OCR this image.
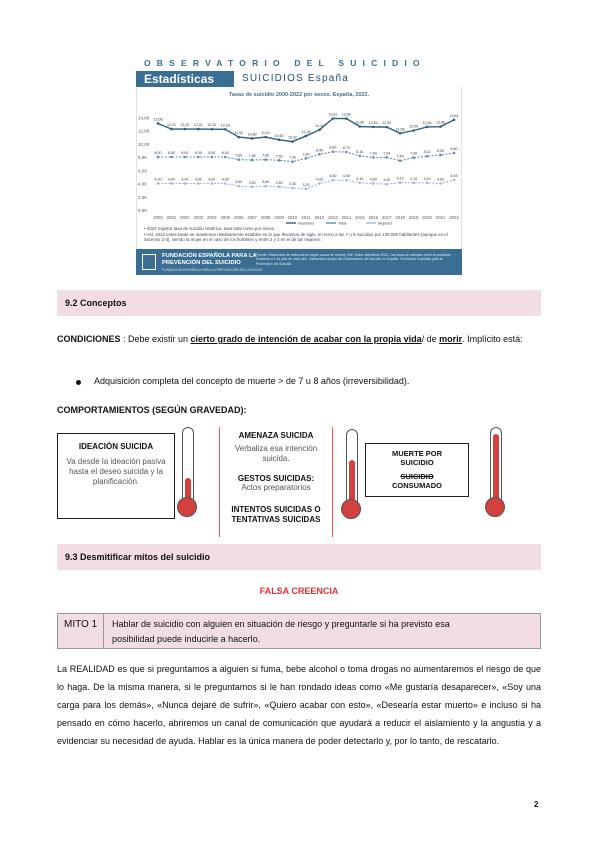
OBSERVATORIO DEL SUICIDIO
Estadísticas 2022
SUICIDIOS España
Tasas de suicidio 2000-2022 por sexos. España, 2022.
0,00
2,00
4,00
6,00
8,00
10,00
12,00
14,00
2000 2001 2002 2003 2004 2005 2006 2007 2008 2009 2010 2011 2012 2013 2014 2015 2016 2017 2018 2019 2020 2021 2022
13,06
12,21 12,22 12,21 12,20 12,18
11,00 10,80 11,01
10,60 10,32
11,18
12,10
13,81 13,80
12,60 12,54 12,52
11,58
12,00
12,54 12,58
13,61
8,00 8,00 8,00 8,00 8,00 8,00
7,60 7,55 7,60 7,50 7,30
7,80
8,40
8,80 8,75
8,16 7,94 7,94
7,44
7,90 8,12 8,30 8,60
4,00 4,00 4,00 4,00 4,00 4,00
3,60 3,50 3,60 3,50 3,30 3,20
4,00
4,50 4,50
4,10 4,00 3,90 4,13 4,10 4,10 4,00
4,53
Hombres	Total	Mujeres
• 2022 registra tasa de suicidio histórica, tasa total como por sexos.
• Así, 2022 estas tasas se mantienen relativamente estables en lo que llevamos de siglo, en torno a las 7 u 8 suicidios por 100.000 habitantes (aunque en el ascenso 2-3), siendo la mujer en el caso de los hombres y entre 2 y 3 en el de las mujeres.
FUNDACIÓN ESPAÑOLA PARA LA
PREVENCIÓN DEL SUICIDIO
FUNDACIÓN ESPAÑOLA PARA LA PREVENCIÓN DEL SUICIDIO
Fuente: Estadística de defunciones según causa de muerte, INE. Datos definitivos 2022. Las tasas se calculan sobre la población residente a 1 de julio de cada año. Elaboración propia del Observatorio del Suicidio en España. Fundación Española para la Prevención del Suicidio.
9.2 Conceptos
CONDICIONES : Debe existir un cierto grado de intención de acabar con la propia vida/ de morir. Implícito está:
Adquisición completa del concepto de muerte > de 7 u 8 años (irreversibilidad).
COMPORTAMIENTOS (SEGÚN GRAVEDAD):
IDEACIÓN SUICIDA
Va desde la ideación pasiva hasta el deseo suicida y la planificación.
AMENAZA SUICIDA
Verbaliza esa intención suicida.
GESTOS SUICIDAS:
Actos preparatorios
INTENTOS SUICIDAS O TENTATIVAS SUICIDAS
MUERTE POR SUICIDIO
SUICIDIO
CONSUMADO
9.3 Desmitificar mitos del suicidio
FALSA CREENCIA
MITO 1	Hablar de suicidio con alguien en situación de riesgo y preguntarle si ha previsto esa posibilidad puede inducirle a hacerlo.
La REALIDAD es que si preguntamos a alguien si fuma, bebe alcohol o toma drogas no aumentaremos el riesgo de que lo haga. De la misma manera, si le preguntamos si le han rondado ideas como «Me gustaría desaparecer», «Soy una carga para los demás», «Nunca dejaré de sufrir», «Quiero acabar con esto», «Desearía estar muerto» e incluso si ha pensado en cómo hacerlo, abriremos un canal de comunicación que ayudará a reducir el aislamiento y la angustia y a evidenciar su necesidad de ayuda. Hablar es la única manera de poder detectarlo y, por lo tanto, de rescatarlo.
2
